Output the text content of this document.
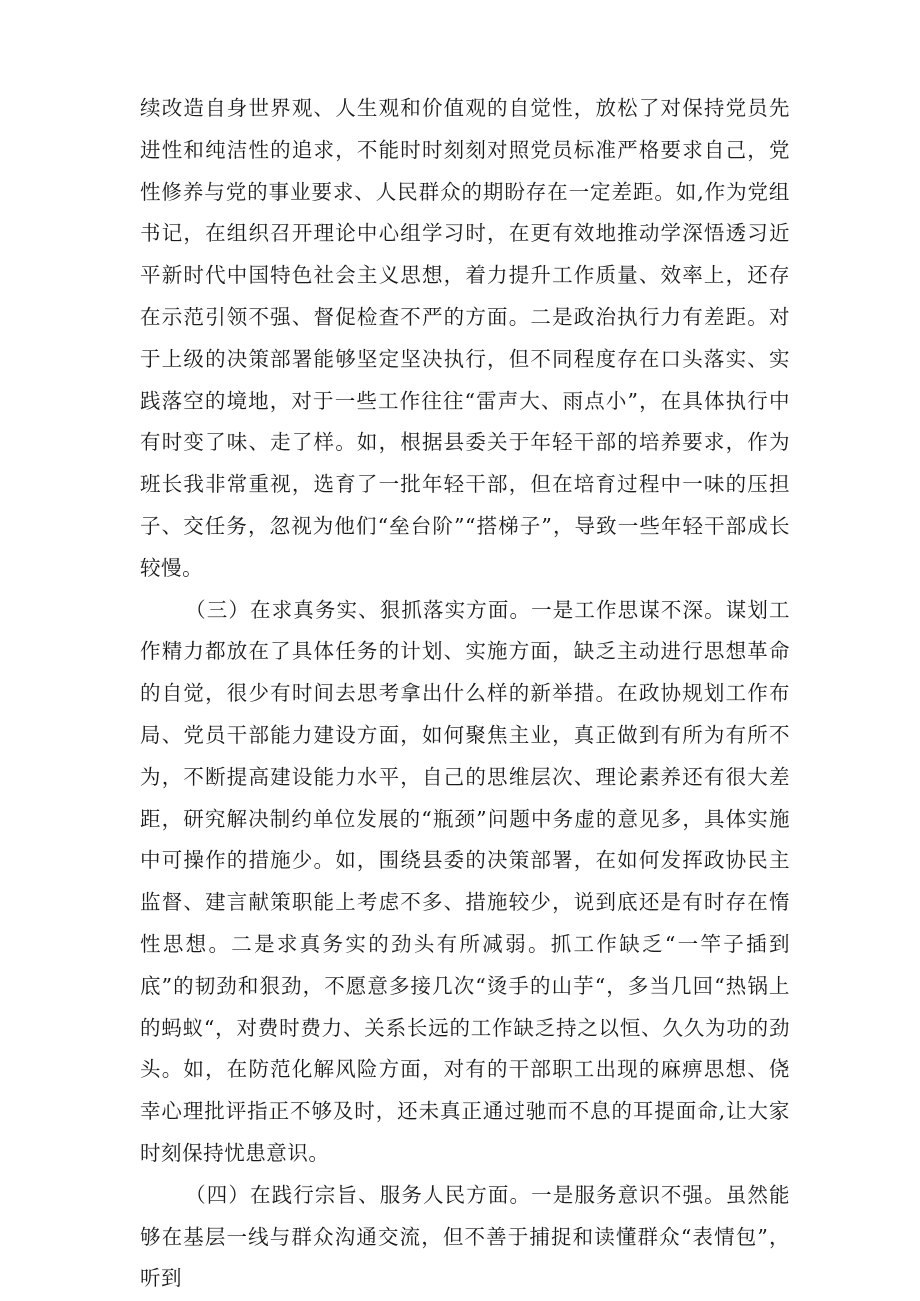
续改造自身世界观、人生观和价值观的自觉性，放松了对保持党员先进性和纯洁性的追求，不能时时刻刻对照党员标准严格要求自己，党性修养与党的事业要求、人民群众的期盼存在一定差距。如,作为党组书记，在组织召开理论中心组学习时，在更有效地推动学深悟透习近平新时代中国特色社会主义思想，着力提升工作质量、效率上，还存在示范引领不强、督促检查不严的方面。二是政治执行力有差距。对于上级的决策部署能够坚定坚决执行，但不同程度存在口头落实、实践落空的境地，对于一些工作往往“雷声大、雨点小”，在具体执行中有时变了味、走了样。如，根据县委关于年轻干部的培养要求，作为班长我非常重视，选育了一批年轻干部，但在培育过程中一味的压担子、交任务，忽视为他们“垒台阶”“搭梯子”，导致一些年轻干部成长较慢。

（三）在求真务实、狠抓落实方面。一是工作思谋不深。谋划工作精力都放在了具体任务的计划、实施方面，缺乏主动进行思想革命的自觉，很少有时间去思考拿出什么样的新举措。在政协规划工作布局、党员干部能力建设方面，如何聚焦主业，真正做到有所为有所不为，不断提高建设能力水平，自己的思维层次、理论素养还有很大差距，研究解决制约单位发展的“瓶颈”问题中务虚的意见多，具体实施中可操作的措施少。如，围绕县委的决策部署，在如何发挥政协民主监督、建言献策职能上考虑不多、措施较少，说到底还是有时存在惰性思想。二是求真务实的劲头有所减弱。抓工作缺乏“一竿子插到底”的韧劲和狠劲，不愿意多接几次“烫手的山芋“，多当几回“热锅上的蚂蚁“，对费时费力、关系长远的工作缺乏持之以恒、久久为功的劲头。如，在防范化解风险方面，对有的干部职工出现的麻痹思想、侥幸心理批评指正不够及时，还未真正通过驰而不息的耳提面命,让大家时刻保持忧患意识。

（四）在践行宗旨、服务人民方面。一是服务意识不强。虽然能够在基层一线与群众沟通交流，但不善于捕捉和读懂群众“表情包”，听到
